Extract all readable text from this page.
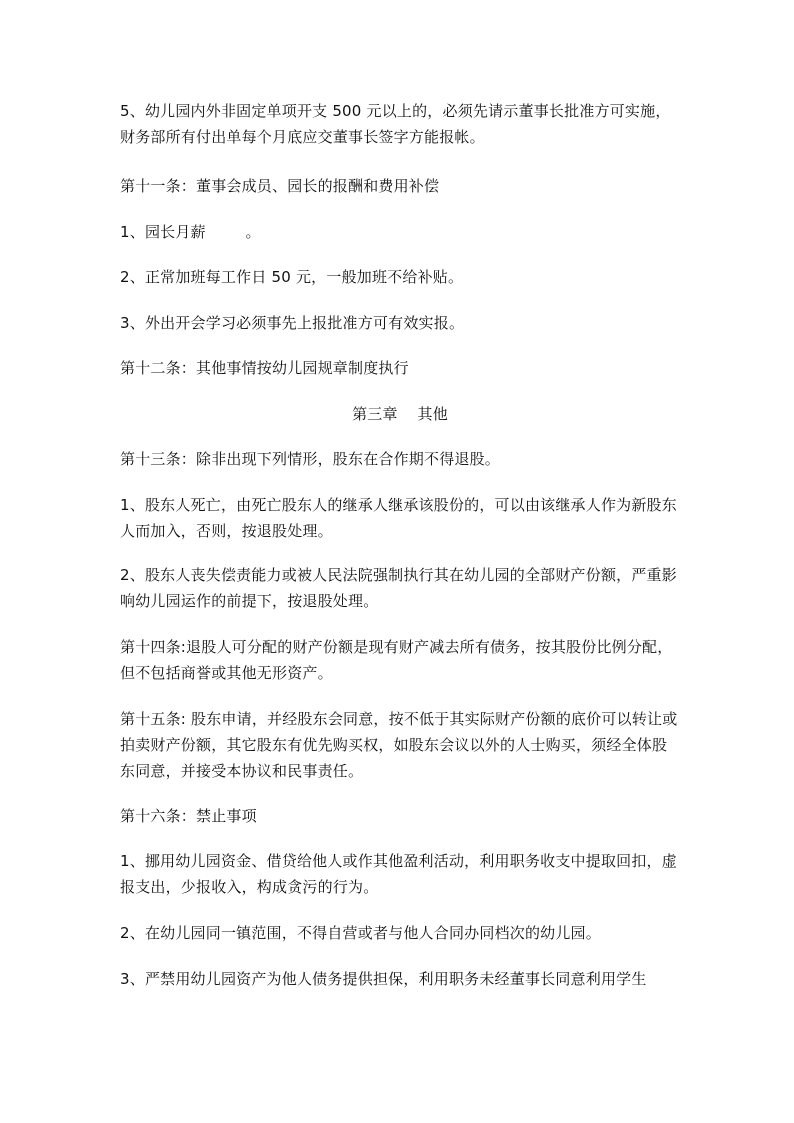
5、幼儿园内外非固定单项开支 500 元以上的，必须先请示董事长批准方可实施，财务部所有付出单每个月底应交董事长签字方能报帐。
第十一条：董事会成员、园长的报酬和费用补偿
1、园长月薪        。
2、正常加班每工作日 50 元，一般加班不给补贴。
3、外出开会学习必须事先上报批准方可有效实报。
第十二条：其他事情按幼儿园规章制度执行
第三章    其他
第十三条：除非出现下列情形，股东在合作期不得退股。
1、股东人死亡，由死亡股东人的继承人继承该股份的，可以由该继承人作为新股东人而加入，否则，按退股处理。
2、股东人丧失偿责能力或被人民法院强制执行其在幼儿园的全部财产份额，严重影响幼儿园运作的前提下，按退股处理。
第十四条:退股人可分配的财产份额是现有财产减去所有债务，按其股份比例分配，但不包括商誉或其他无形资产。
第十五条: 股东申请，并经股东会同意，按不低于其实际财产份额的底价可以转让或拍卖财产份额，其它股东有优先购买权，如股东会议以外的人士购买，须经全体股东同意，并接受本协议和民事责任。
第十六条：禁止事项
1、挪用幼儿园资金、借贷给他人或作其他盈利活动，利用职务收支中提取回扣，虚报支出，少报收入，构成贪污的行为。
2、在幼儿园同一镇范围，不得自营或者与他人合同办同档次的幼儿园。
3、严禁用幼儿园资产为他人债务提供担保，利用职务未经董事长同意利用学生
